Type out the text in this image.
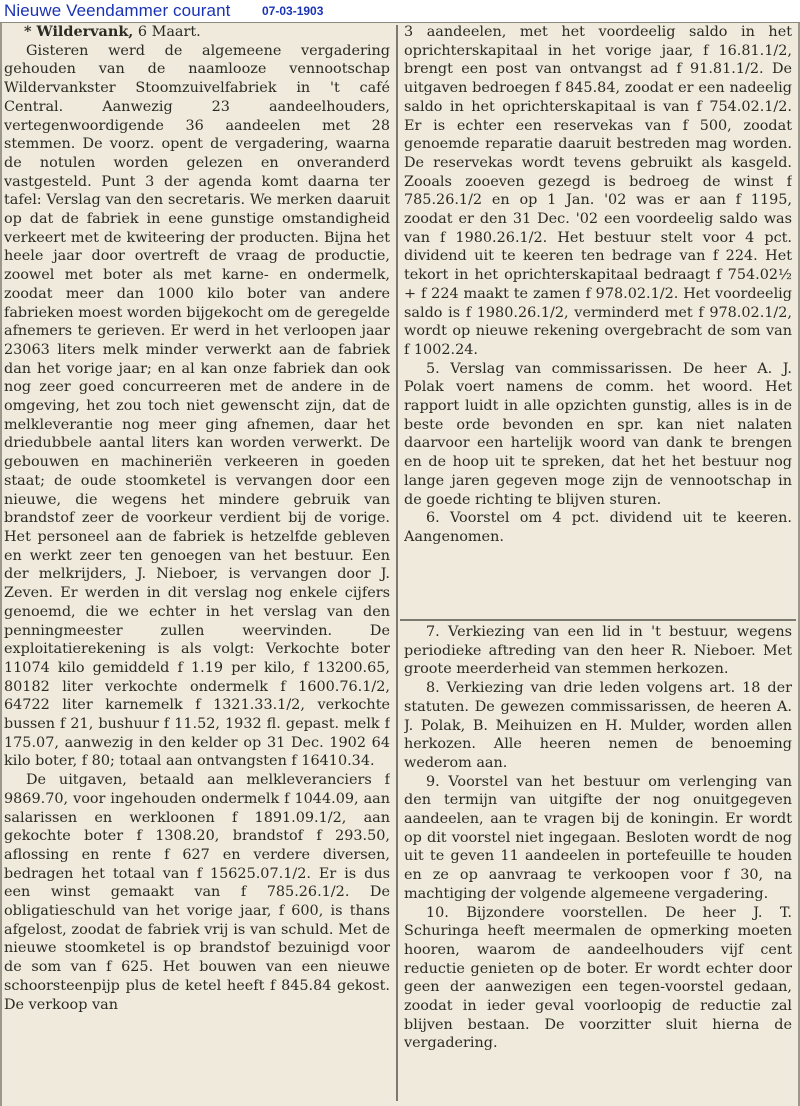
Nieuwe Veendammer courant	07-03-1903

* Wildervank, 6 Maart.

Gisteren werd de algemeene vergadering gehouden van de naamlooze vennootschap Wildervankster Stoomzuivelfabriek in 't café Central. Aanwezig 23 aandeelhouders, vertegenwoordigende 36 aandeelen met 28 stemmen. De voorz. opent de vergadering, waarna de notulen worden gelezen en onveranderd vastgesteld. Punt 3 der agenda komt daarna ter tafel: Verslag van den secretaris. We merken daaruit op dat de fabriek in eene gunstige omstandigheid verkeert met de kwiteering der producten. Bijna het heele jaar door overtreft de vraag de productie, zoowel met boter als met karne- en ondermelk, zoodat meer dan 1000 kilo boter van andere fabrieken moest worden bijgekocht om de geregelde afnemers te gerieven. Er werd in het verloopen jaar 23063 liters melk minder verwerkt aan de fabriek dan het vorige jaar; en al kan onze fabriek dan ook nog zeer goed concurreeren met de andere in de omgeving, het zou toch niet gewenscht zijn, dat de melkleverantie nog meer ging afnemen, daar het driedubbele aantal liters kan worden verwerkt. De gebouwen en machineriën verkeeren in goeden staat; de oude stoomketel is vervangen door een nieuwe, die wegens het mindere gebruik van brandstof zeer de voorkeur verdient bij de vorige. Het personeel aan de fabriek is hetzelfde gebleven en werkt zeer ten genoegen van het bestuur. Een der melkrijders, J. Nieboer, is vervangen door J. Zeven. Er werden in dit verslag nog enkele cijfers genoemd, die we echter in het verslag van den penningmeester zullen weervinden. De exploitatierekening is als volgt: Verkochte boter 11074 kilo gemiddeld f 1.19 per kilo, f 13200.65, 80182 liter verkochte ondermelk f 1600.76.1/2, 64722 liter karnemelk f 1321.33.1/2, verkochte bussen f 21, bushuur f 11.52, 1932 fl. gepast. melk f 175.07, aanwezig in den kelder op 31 Dec. 1902 64 kilo boter, f 80; totaal aan ontvangsten f 16410.34.

De uitgaven, betaald aan melkleveranciers f 9869.70, voor ingehouden ondermelk f 1044.09, aan salarissen en werkloonen f 1891.09.1/2, aan gekochte boter f 1308.20, brandstof f 293.50, aflossing en rente f 627 en verdere diversen, bedragen het totaal van f 15625.07.1/2. Er is dus een winst gemaakt van f 785.26.1/2. De obligatieschuld van het vorige jaar, f 600, is thans afgelost, zoodat de fabriek vrij is van schuld. Met de nieuwe stoomketel is op brandstof bezuinigd voor de som van f 625. Het bouwen van een nieuwe schoorsteenpijp plus de ketel heeft f 845.84 gekost. De verkoop van

3 aandeelen, met het voordeelig saldo in het oprichterskapitaal in het vorige jaar, f 16.81.1/2, brengt een post van ontvangst ad f 91.81.1/2. De uitgaven bedroegen f 845.84, zoodat er een nadeelig saldo in het oprichterskapitaal is van f 754.02.1/2. Er is echter een reservekas van f 500, zoodat genoemde reparatie daaruit bestreden mag worden. De reservekas wordt tevens gebruikt als kasgeld. Zooals zooeven gezegd is bedroeg de winst f 785.26.1/2 en op 1 Jan. '02 was er aan f 1195, zoodat er den 31 Dec. '02 een voordeelig saldo was van f 1980.26.1/2. Het bestuur stelt voor 4 pct. dividend uit te keeren ten bedrage van f 224. Het tekort in het oprichterskapitaal bedraagt f 754.02½ + f 224 maakt te zamen f 978.02.1/2. Het voordeelig saldo is f 1980.26.1/2, verminderd met f 978.02.1/2, wordt op nieuwe rekening overgebracht de som van f 1002.24.

5. Verslag van commissarissen. De heer A. J. Polak voert namens de comm. het woord. Het rapport luidt in alle opzichten gunstig, alles is in de beste orde bevonden en spr. kan niet nalaten daarvoor een hartelijk woord van dank te brengen en de hoop uit te spreken, dat het het bestuur nog lange jaren gegeven moge zijn de vennootschap in de goede richting te blijven sturen.

6. Voorstel om 4 pct. dividend uit te keeren. Aangenomen.

7. Verkiezing van een lid in 't bestuur, wegens periodieke aftreding van den heer R. Nieboer. Met groote meerderheid van stemmen herkozen.

8. Verkiezing van drie leden volgens art. 18 der statuten. De gewezen commissarissen, de heeren A. J. Polak, B. Meihuizen en H. Mulder, worden allen herkozen. Alle heeren nemen de benoeming wederom aan.

9. Voorstel van het bestuur om verlenging van den termijn van uitgifte der nog onuitgegeven aandeelen, aan te vragen bij de koningin. Er wordt op dit voorstel niet ingegaan. Besloten wordt de nog uit te geven 11 aandeelen in portefeuille te houden en ze op aanvraag te verkoopen voor f 30, na machtiging der volgende algemeene vergadering.

10. Bijzondere voorstellen. De heer J. T. Schuringa heeft meermalen de opmerking moeten hooren, waarom de aandeelhouders vijf cent reductie genieten op de boter. Er wordt echter door geen der aanwezigen een tegen-voorstel gedaan, zoodat in ieder geval voorloopig de reductie zal blijven bestaan. De voorzitter sluit hierna de vergadering.
